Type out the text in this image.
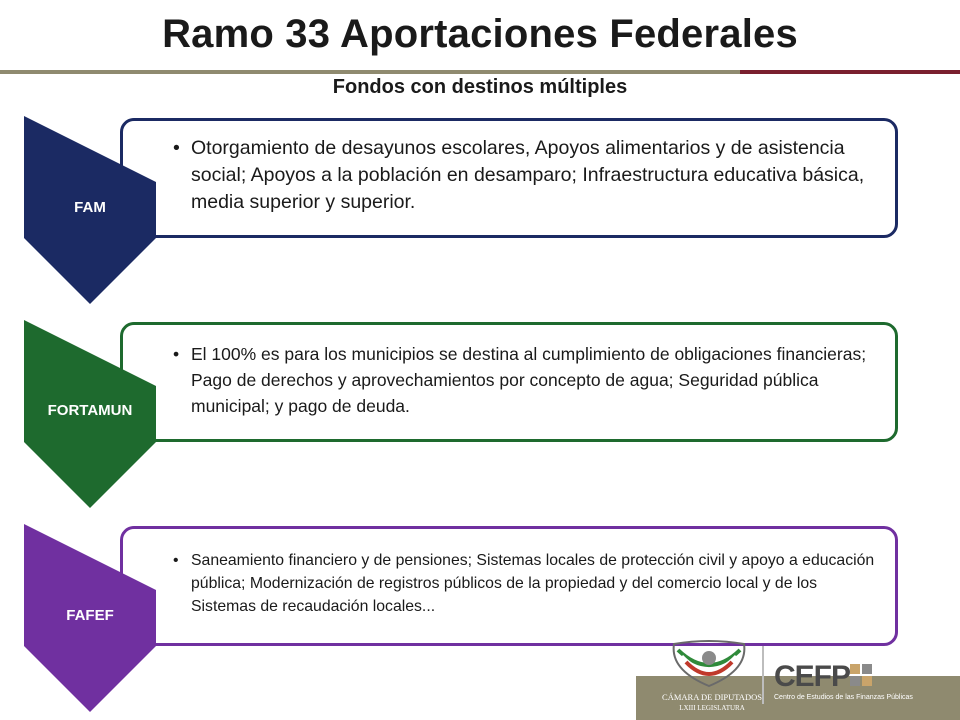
Ramo 33 Aportaciones Federales
Fondos con destinos múltiples
• Otorgamiento de desayunos escolares, Apoyos alimentarios y de asistencia social; Apoyos a la población en desamparo; Infraestructura educativa básica, media superior y superior.
FAM
• El 100% es para los municipios se destina al cumplimiento de obligaciones financieras; Pago de derechos y aprovechamientos por concepto de agua; Seguridad pública municipal; y pago de deuda.
FORTAMUN
• Saneamiento financiero y de pensiones; Sistemas locales de protección civil y apoyo a educación pública; Modernización de registros públicos de la propiedad y del comercio local y de los Sistemas de recaudación locales...
CÁMARA DE DIPUTADOS
LXIII LEGISLATURA
CEFP
Centro de Estudios de las Finanzas Públicas
FAFEF
